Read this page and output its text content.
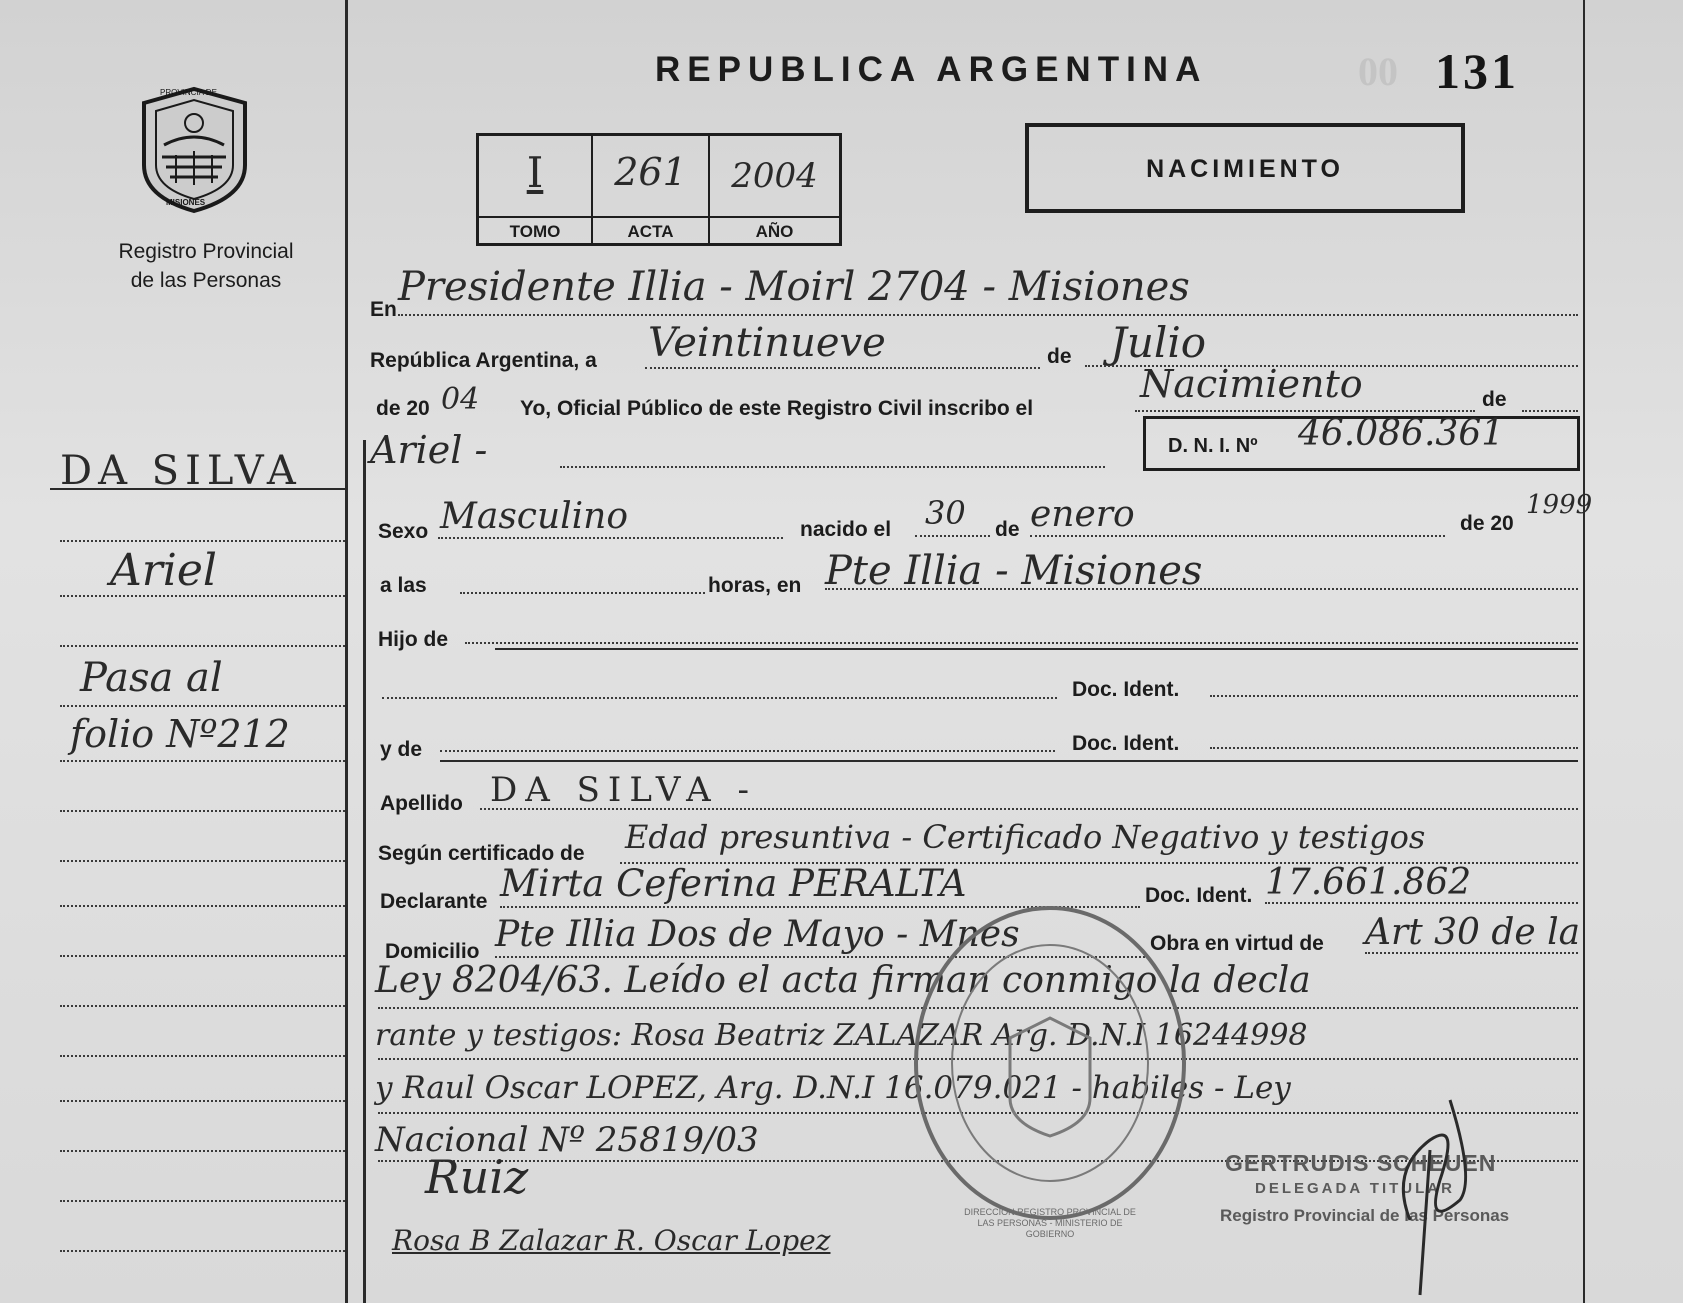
PROVINCIA DE
MISIONES
Registro Provincial
de las Personas
REPUBLICA ARGENTINA	00 131
I	261	2004
TOMO	ACTA	AÑO
NACIMIENTO
DA SILVA
Ariel
Pasa al
folio Nº212
En Presidente Illia - Moirl 2704 - Misiones
República Argentina, a Veintinueve	de Julio
de 20 04 Yo, Oficial Público de este Registro Civil inscribo el
Nacimiento	de
Ariel -	D. N. I. Nº 46.086.361
Sexo Masculino	nacido el 30 de enero	de 20
1999
a las	horas, en Pte Illia - Misiones
Hijo de
Doc. Ident.
y de	Doc. Ident.
Apellido DA SILVA -
Según certificado de Edad presuntiva - Certificado Negativo y testigos
Declarante Mirta Ceferina PERALTA	Doc. Ident. 17.661.862
Domicilio Pte Illia Dos de Mayo - Mnes	Obra en virtud de Art 30 de la
Ley 8204/63. Leído el acta firman conmigo la decla
rante y testigos: Rosa Beatriz ZALAZAR Arg. D.N.I 16244998
y Raul Oscar LOPEZ, Arg. D.N.I 16.079.021 - habiles - Ley
Nacional Nº 25819/03
DIRECCION REGISTRO PROVINCIAL DE LAS PERSONAS - MINISTERIO DE GOBIERNO
GERTRUDIS SCHEUEN
DELEGADA TITULAR
Registro Provincial de las Personas
Ruiz
Rosa B Zalazar R. Oscar Lopez
